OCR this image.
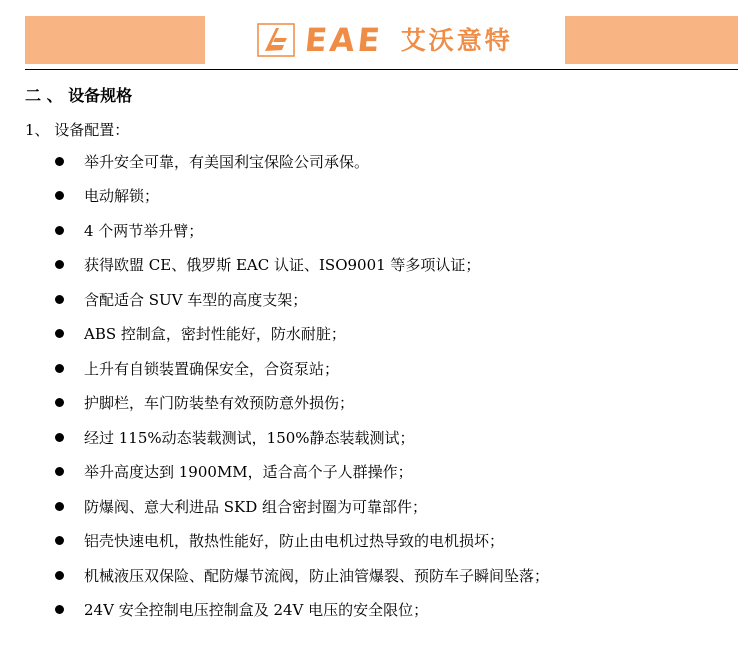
EAE 艾沃意特
二 、 设备规格
1、 设备配置：
举升安全可靠，有美国利宝保险公司承保。
电动解锁；
4 个两节举升臂；
获得欧盟 CE、俄罗斯 EAC 认证、ISO9001 等多项认证；
含配适合 SUV 车型的高度支架；
ABS 控制盒，密封性能好，防水耐脏；
上升有自锁装置确保安全，合资泵站；
护脚栏，车门防装垫有效预防意外损伤；
经过 115%动态装载测试，150%静态装载测试；
举升高度达到 1900MM，适合高个子人群操作；
防爆阀、意大利进品 SKD 组合密封圈为可靠部件；
铝壳快速电机，散热性能好，防止由电机过热导致的电机损坏；
机械液压双保险、配防爆节流阀，防止油管爆裂、预防车子瞬间坠落；
24V 安全控制电压控制盒及 24V 电压的安全限位；
